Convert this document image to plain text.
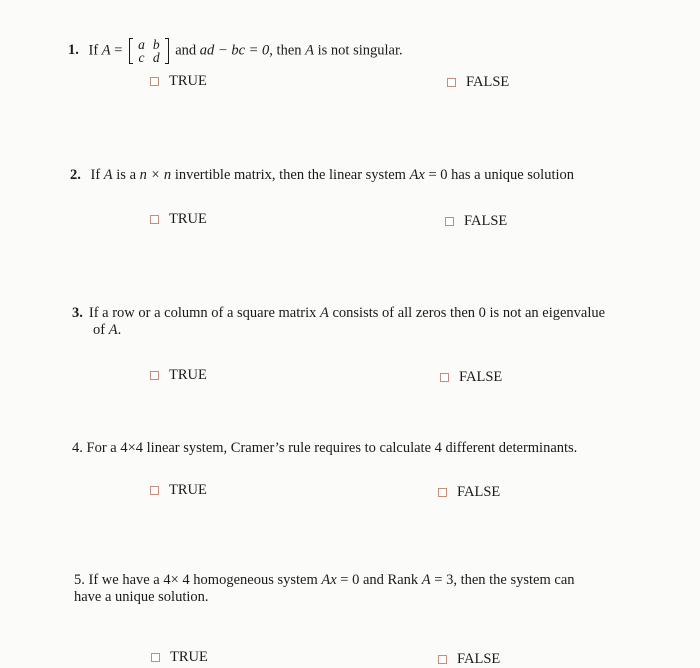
1. If A = a	b
c	d and ad − bc = 0, then A is not singular.
TRUE	FALSE
2. If A is a n × n invertible matrix, then the linear system Ax = 0 has a unique solution
TRUE	FALSE
3. If a row or a column of a square matrix A consists of all zeros then 0 is not an eigenvalue
of A.
TRUE	FALSE
4. For a 4×4 linear system, Cramer’s rule requires to calculate 4 different determinants.
TRUE	FALSE
5. If we have a 4× 4 homogeneous system Ax = 0 and Rank A = 3, then the system can
have a unique solution.
TRUE	FALSE
